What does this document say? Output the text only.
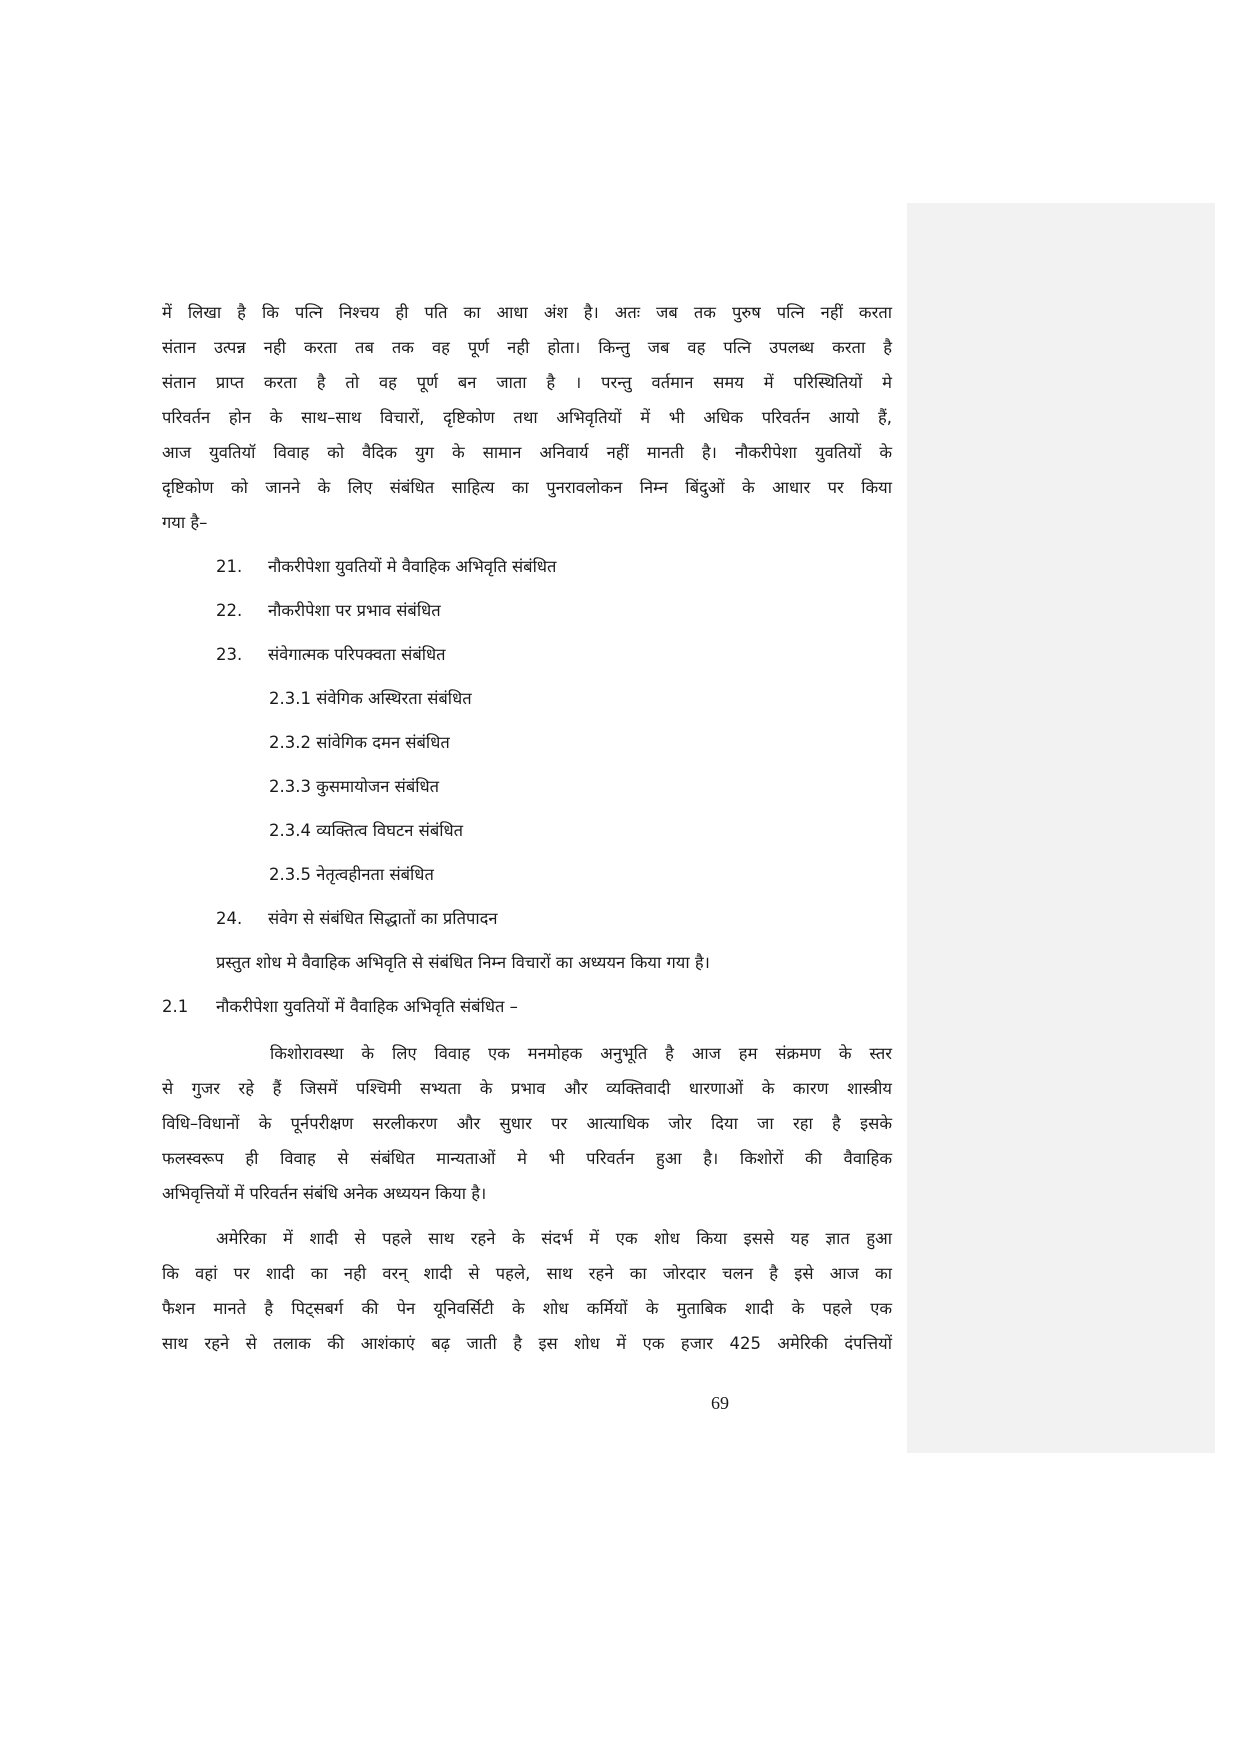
में लिखा है कि पत्नि निश्चय ही पति का आधा अंश है। अतः जब तक पुरुष पत्नि नहीं करता

संतान उत्पन्न नही करता तब तक वह पूर्ण नही होता। किन्तु जब वह पत्नि उपलब्ध करता है

संतान प्राप्त करता है तो वह पूर्ण बन जाता है । परन्तु वर्तमान समय में परिस्थितियों मे

परिवर्तन होन के साथ–साथ विचारों, दृष्टिकोण तथा अभिवृतियों में भी अधिक परिवर्तन आयो हैं,

आज युवतियॉ विवाह को वैदिक युग के सामान अनिवार्य नहीं मानती है। नौकरीपेशा युवतियों के

दृष्टिकोण को जानने के लिए संबंधित साहित्य का पुनरावलोकन निम्न बिंदुओं के आधार पर किया

गया है–

21. नौकरीपेशा युवतियों मे वैवाहिक अभिवृति संबंधित
22. नौकरीपेशा पर प्रभाव संबंधित
23. संवेगात्मक परिपक्वता संबंधित
2.3.1 संवेगिक अस्थिरता संबंधित
2.3.2 सांवेगिक दमन संबंधित
2.3.3 कुसमायोजन संबंधित
2.3.4 व्यक्तित्व विघटन संबंधित
2.3.5 नेतृत्वहीनता संबंधित
24. संवेग से संबंधित सिद्धातों का प्रतिपादन
प्रस्तुत शोध मे वैवाहिक अभिवृति से संबंधित निम्न विचारों का अध्ययन किया गया है।
2.1 नौकरीपेशा युवतियों में वैवाहिक अभिवृति संबंधित –

किशोरावस्था के लिए विवाह एक मनमोहक अनुभूति है आज हम संक्रमण के स्तर

से गुजर रहे हैं जिसमें पश्चिमी सभ्यता के प्रभाव और व्यक्तिवादी धारणाओं के कारण शास्त्रीय

विधि–विधानों के पूर्नपरीक्षण सरलीकरण और सुधार पर आत्याधिक जोर दिया जा रहा है इसके

फलस्वरूप ही विवाह से संबंधित मान्यताओं मे भी परिवर्तन हुआ है। किशोरों की वैवाहिक

अभिवृत्तियों में परिवर्तन संबंधि अनेक अध्ययन किया है।

अमेरिका में शादी से पहले साथ रहने के संदर्भ में एक शोध किया इससे यह ज्ञात हुआ

कि वहां पर शादी का नही वरन् शादी से पहले, साथ रहने का जोरदार चलन है इसे आज का

फैशन मानते है पिट्सबर्ग की पेन यूनिवर्सिटी के शोध कर्मियों के मुताबिक शादी के पहले एक

साथ रहने से तलाक की आशंकाएं बढ़ जाती है इस शोध में एक हजार 425 अमेरिकी दंपत्तियों

69
